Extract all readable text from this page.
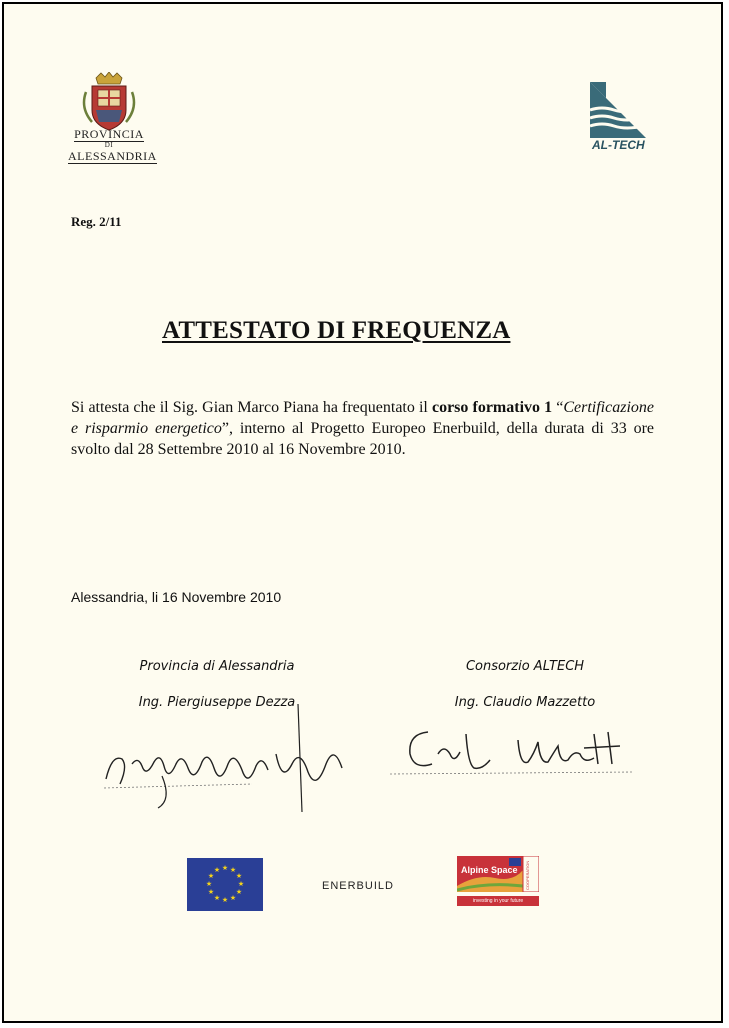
PROVINCIA
DI
ALESSANDRIA
AL-TECH
Reg. 2/11
ATTESTATO DI FREQUENZA
Si attesta che il Sig. Gian Marco Piana ha frequentato il corso formativo 1 “Certificazione e risparmio energetico”, interno al Progetto Europeo Enerbuild, della durata di 33 ore svolto dal 28 Settembre 2010 al 16 Novembre 2010.
Alessandria, li 16 Novembre 2010
Provincia di Alessandria
Ing. Piergiuseppe Dezza
Consorzio ALTECH
Ing. Claudio Mazzetto
★ ★
★
★
★
★
★
★
★
★
★
★
ENERBUILD
Alpine Space COOPERATION
investing in your future
